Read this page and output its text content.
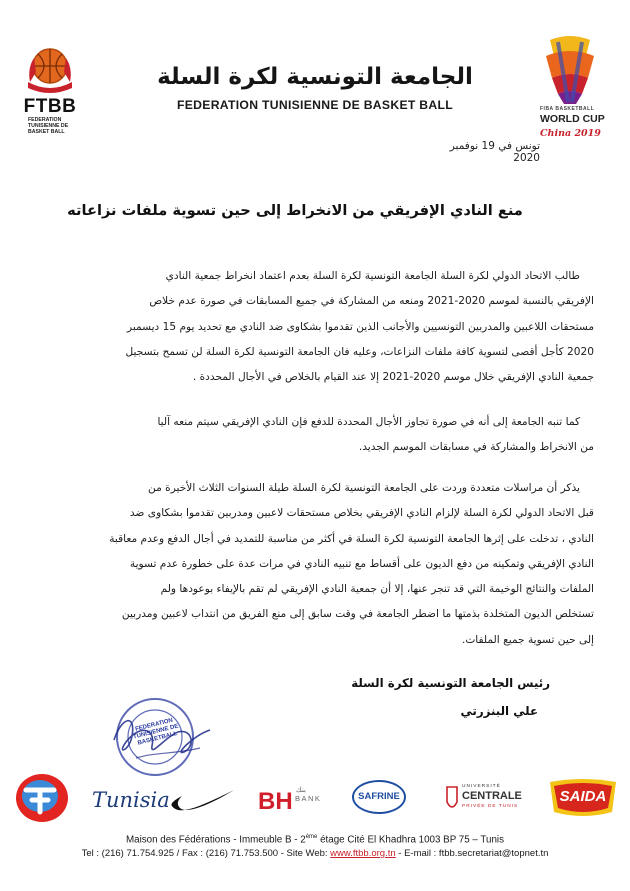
FTBB
FEDERATION
TUNISIENNE DE
BASKET BALL
الجامعة التونسية لكرة السلة
FEDERATION TUNISIENNE DE BASKET BALL	FIBA BASKETBALL
WORLD CUP
China 2019
تونس في 19 نوفمبر 2020
منع النادي الإفريقي من الانخراط إلى حين تسوية ملفات نزاعاته
طالب الاتحاد الدولي لكرة السلة الجامعة التونسية لكرة السلة بعدم اعتماد انخراط جمعية النادي
الإفريقي بالنسبة لموسم 2020-2021 ومنعه من المشاركة في جميع المسابقات في صورة عدم خلاص
مستحقات اللاعبين والمدربين التونسيين والأجانب الذين تقدموا بشكاوى ضد النادي مع تحديد يوم 15 ديسمبر
2020 كأجل أقصى لتسوية كافة ملفات النزاعات، وعليه فان الجامعة التونسية لكرة السلة لن تسمح بتسجيل
جمعية النادي الإفريقي خلال موسم 2020-2021 إلا عند القيام بالخلاص في الأجال المحددة .
كما تنبه الجامعة إلى أنه في صورة تجاوز الأجال المحددة للدفع فإن النادي الإفريقي سيتم منعه آليا
من الانخراط والمشاركة في مسابقات الموسم الجديد.
يذكر أن مراسلات متعددة وردت على الجامعة التونسية لكرة السلة طيلة السنوات الثلاث الأخيرة من
قبل الاتحاد الدولي لكرة السلة لإلزام النادي الإفريقي بخلاص مستحقات لاعبين ومدربين تقدموا بشكاوى ضد
النادي ، تدخلت على إثرها الجامعة التونسية لكرة السلة في أكثر من مناسبة للتمديد في أجال الدفع وعدم معاقبة
النادي الإفريقي وتمكينه من دفع الديون على أقساط مع تنبيه النادي في مرات عدة على خطورة عدم تسوية
الملفات والنتائج الوخيمة التي قد تنجر عنها، إلا أن جمعية النادي الإفريقي لم تقم بالإيفاء بوعودها ولم
تستخلص الديون المتخلدة بذمتها ما اضطر الجامعة في وقت سابق إلى منع الفريق من انتداب لاعبين ومدربين
إلى حين تسوية جميع الملفات.
رئيس الجامعة التونسية لكرة السلة
علي البنزرتي
FEDERATION TUNISIENNE DE BASKETBALL
Tunisia	BH بنك
BANK	SAFRINE
UNIVERSITÉ
CENTRALE
PRIVÉE DE TUNIS
SAIDA
Maison des Fédérations - Immeuble B - 2ème étage Cité El Khadhra 1003 BP 75 – Tunis
Tel : (216) 71.754.925 / Fax : (216) 71.753.500 - Site Web: www.ftbb.org.tn - E-mail : ftbb.secretariat@topnet.tn
